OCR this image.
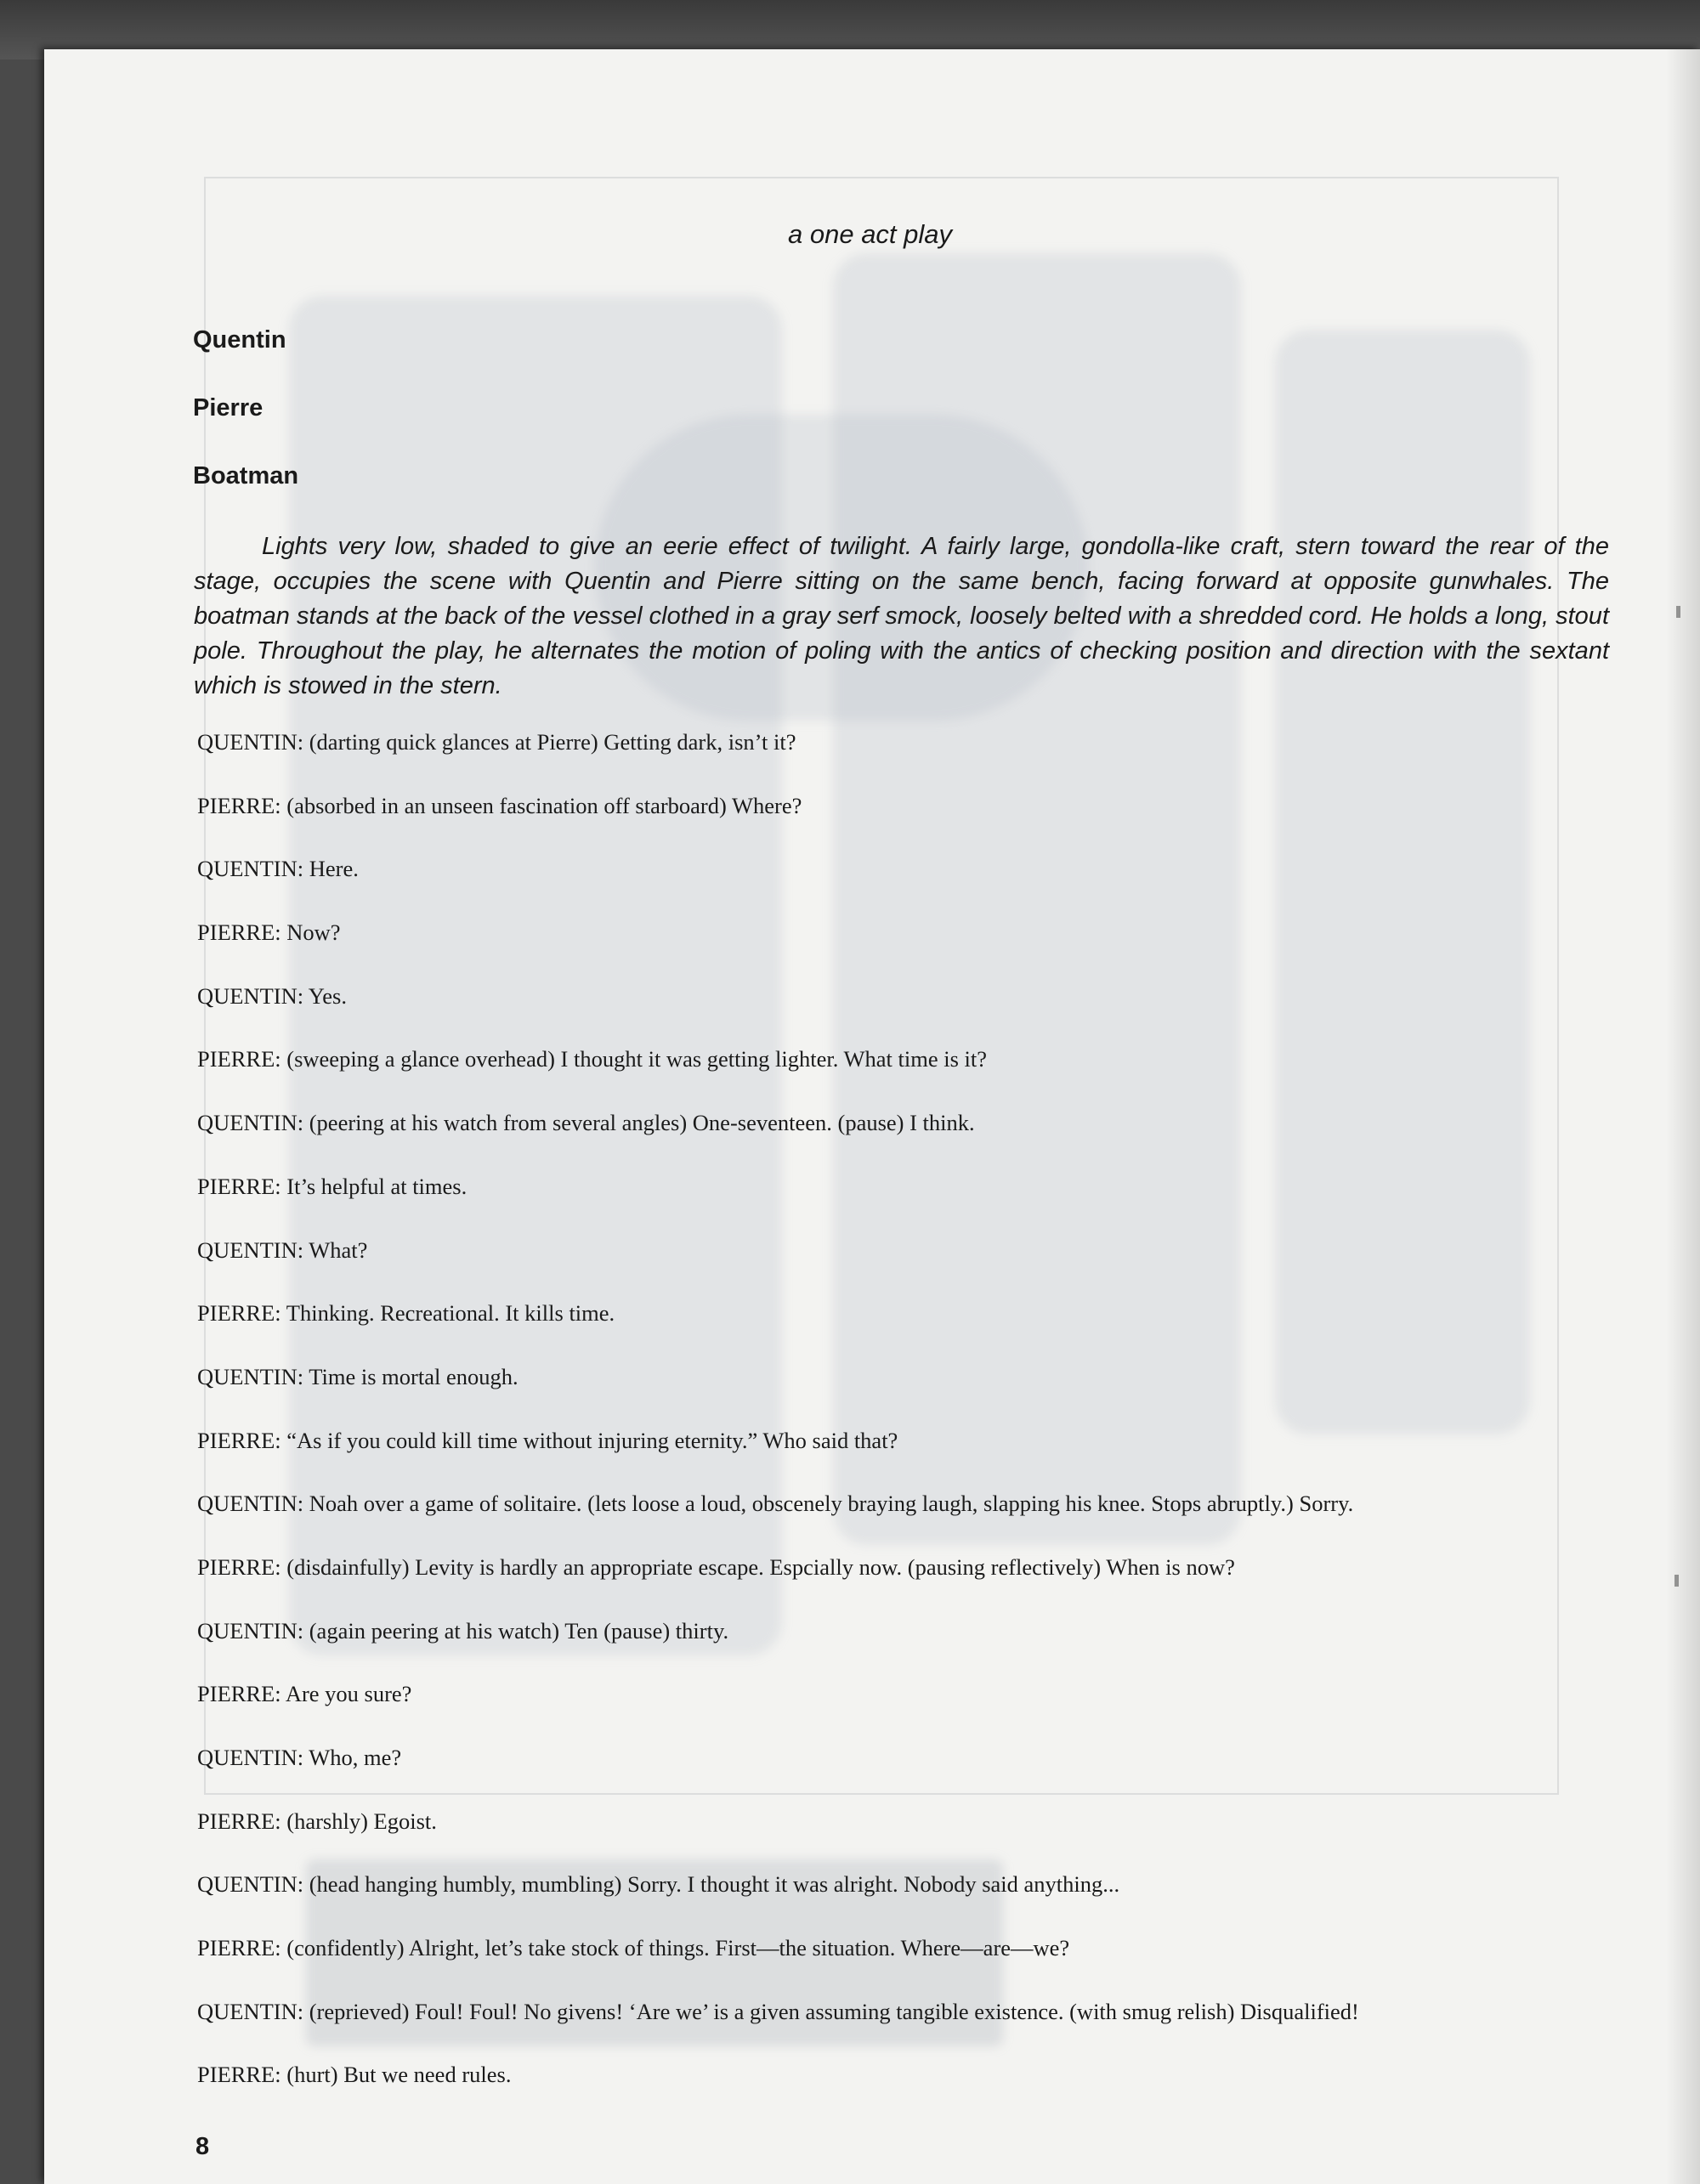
a one act play

Quentin
Pierre
Boatman

Lights very low, shaded to give an eerie effect of twilight. A fairly large, gondolla-like craft, stern toward the rear of the stage, occupies the scene with Quentin and Pierre sitting on the same bench, facing forward at opposite gunwhales. The boatman stands at the back of the vessel clothed in a gray serf smock, loosely belted with a shredded cord. He holds a long, stout pole. Throughout the play, he alternates the motion of poling with the antics of checking position and direction with the sextant which is stowed in the stern.

QUENTIN: (darting quick glances at Pierre) Getting dark, isn’t it?
PIERRE: (absorbed in an unseen fascination off starboard) Where?
QUENTIN: Here.
PIERRE: Now?
QUENTIN: Yes.
PIERRE: (sweeping a glance overhead) I thought it was getting lighter. What time is it?
QUENTIN: (peering at his watch from several angles) One-seventeen. (pause) I think.
PIERRE: It’s helpful at times.
QUENTIN: What?
PIERRE: Thinking. Recreational. It kills time.
QUENTIN: Time is mortal enough.
PIERRE: “As if you could kill time without injuring eternity.” Who said that?
QUENTIN: Noah over a game of solitaire. (lets loose a loud, obscenely braying laugh, slapping his knee. Stops abruptly.) Sorry.
PIERRE: (disdainfully) Levity is hardly an appropriate escape. Espcially now. (pausing reflectively) When is now?
QUENTIN: (again peering at his watch) Ten (pause) thirty.
PIERRE: Are you sure?
QUENTIN: Who, me?
PIERRE: (harshly) Egoist.
QUENTIN: (head hanging humbly, mumbling) Sorry. I thought it was alright. Nobody said anything...
PIERRE: (confidently) Alright, let’s take stock of things. First—the situation. Where—are—we?
QUENTIN: (reprieved) Foul! Foul! No givens! ‘Are we’ is a given assuming tangible existence. (with smug relish) Disqualified!
PIERRE: (hurt) But we need rules.

8
